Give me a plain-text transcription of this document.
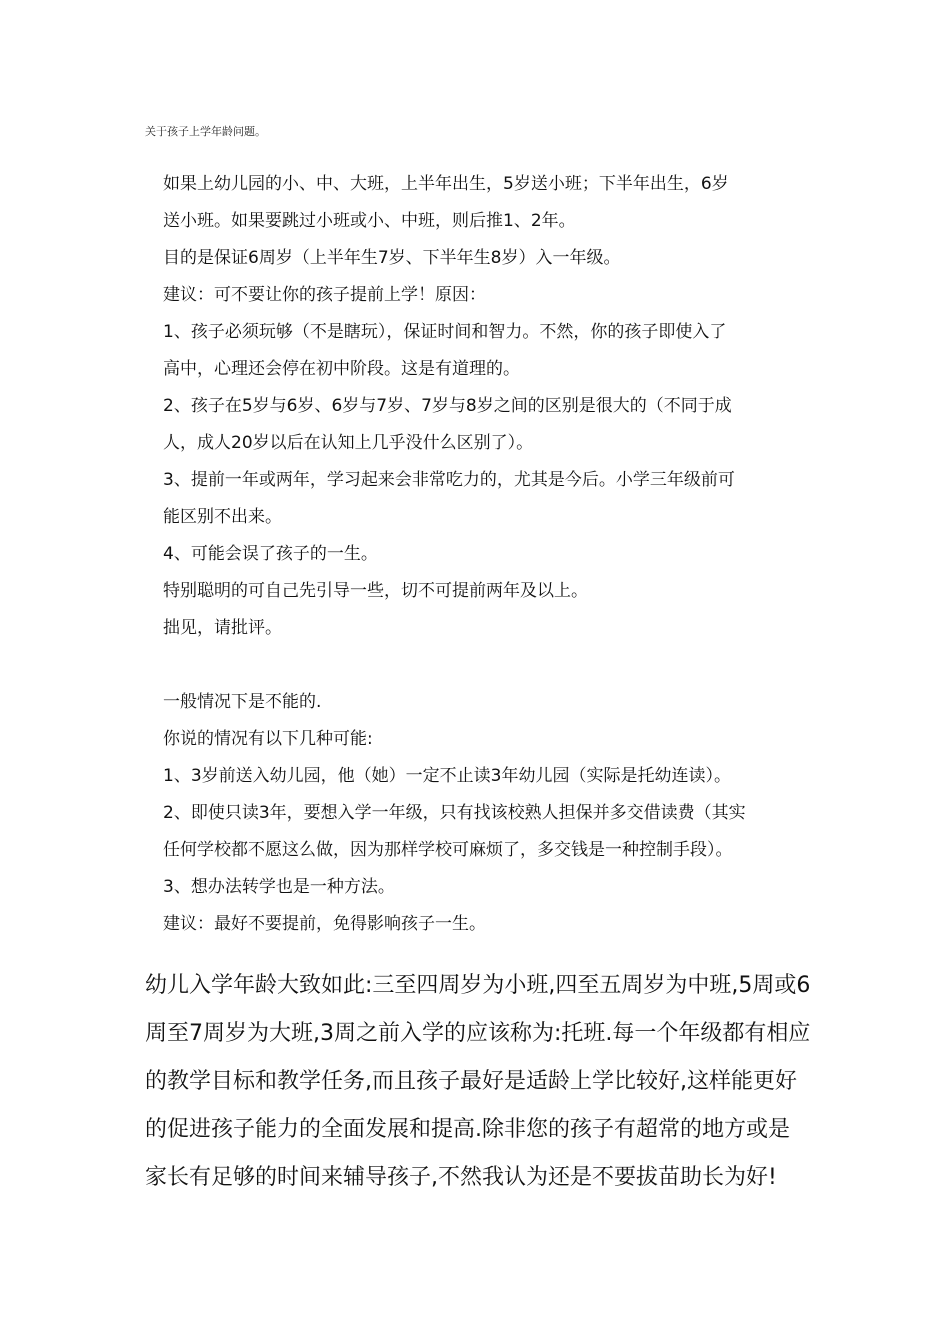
关于孩子上学年龄问题。
如果上幼儿园的小、中、大班，上半年出生，5岁送小班；下半年出生，6岁
送小班。如果要跳过小班或小、中班，则后推1、2年。
目的是保证6周岁（上半年生7岁、下半年生8岁）入一年级。
建议：可不要让你的孩子提前上学！原因：
1、孩子必须玩够（不是瞎玩），保证时间和智力。不然，你的孩子即使入了
高中，心理还会停在初中阶段。这是有道理的。
2、孩子在5岁与6岁、6岁与7岁、7岁与8岁之间的区别是很大的（不同于成
人，成人20岁以后在认知上几乎没什么区别了）。
3、提前一年或两年，学习起来会非常吃力的，尤其是今后。小学三年级前可
能区别不出来。
4、可能会误了孩子的一生。
特别聪明的可自己先引导一些，切不可提前两年及以上。
拙见，请批评。
一般情况下是不能的.
你说的情况有以下几种可能:
1、3岁前送入幼儿园，他（她）一定不止读3年幼儿园（实际是托幼连读）。
2、即使只读3年，要想入学一年级，只有找该校熟人担保并多交借读费（其实
任何学校都不愿这么做，因为那样学校可麻烦了，多交钱是一种控制手段）。
3、想办法转学也是一种方法。
建议：最好不要提前，免得影响孩子一生。
幼儿入学年龄大致如此:三至四周岁为小班,四至五周岁为中班,5周或6
周至7周岁为大班,3周之前入学的应该称为:托班.每一个年级都有相应
的教学目标和教学任务,而且孩子最好是适龄上学比较好,这样能更好
的促进孩子能力的全面发展和提高.除非您的孩子有超常的地方或是
家长有足够的时间来辅导孩子,不然我认为还是不要拔苗助长为好!
